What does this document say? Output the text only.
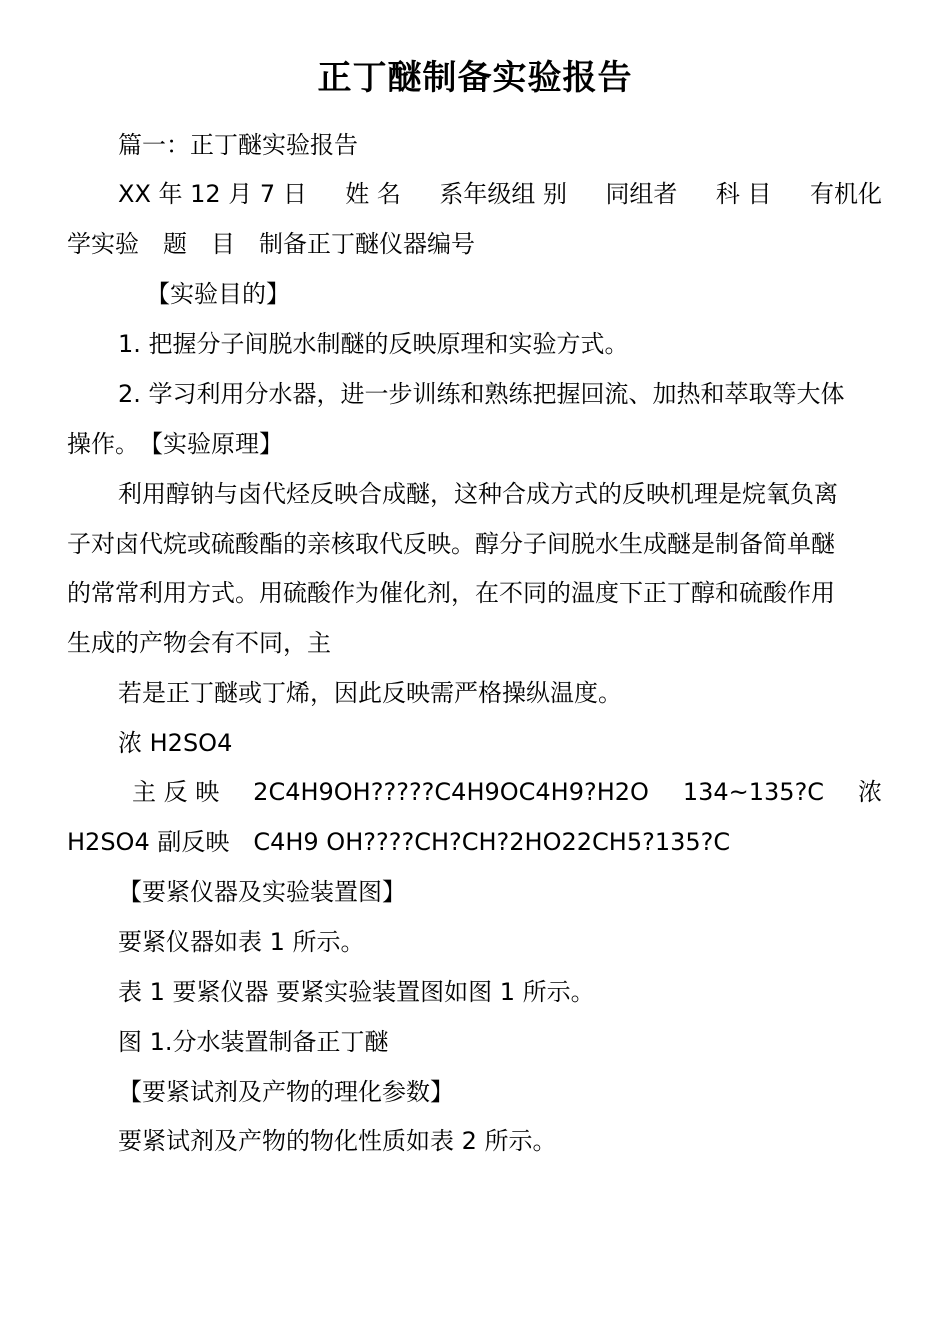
正丁醚制备实验报告
篇一：正丁醚实验报告
XX 年 12 月 7 日 姓 名 系年级组 别 同组者 科 目 有机化
学实验　题　目　制备正丁醚仪器编号
【实验目的】
1. 把握分子间脱水制醚的反映原理和实验方式。
2. 学习利用分水器，进一步训练和熟练把握回流、加热和萃取等大体
操作。　【实验原理】
利用醇钠与卤代烃反映合成醚，这种合成方式的反映机理是烷氧负离
子对卤代烷或硫酸酯的亲核取代反映。醇分子间脱水生成醚是制备简单醚
的常常利用方式。用硫酸作为催化剂，在不同的温度下正丁醇和硫酸作用
生成的产物会有不同，主
若是正丁醚或丁烯，因此反映需严格操纵温度。
浓 H2SO4
主 反 映 2C4H9OH?????C4H9OC4H9?H2O 134~135?C 浓
H2SO4 副反映　C4H9 OH????CH?CH?2HO22CH5?135?C
【要紧仪器及实验装置图】
要紧仪器如表 1 所示。
表 1 要紧仪器 要紧实验装置图如图 1 所示。
图 1.分水装置制备正丁醚
【要紧试剂及产物的理化参数】
要紧试剂及产物的物化性质如表 2 所示。
